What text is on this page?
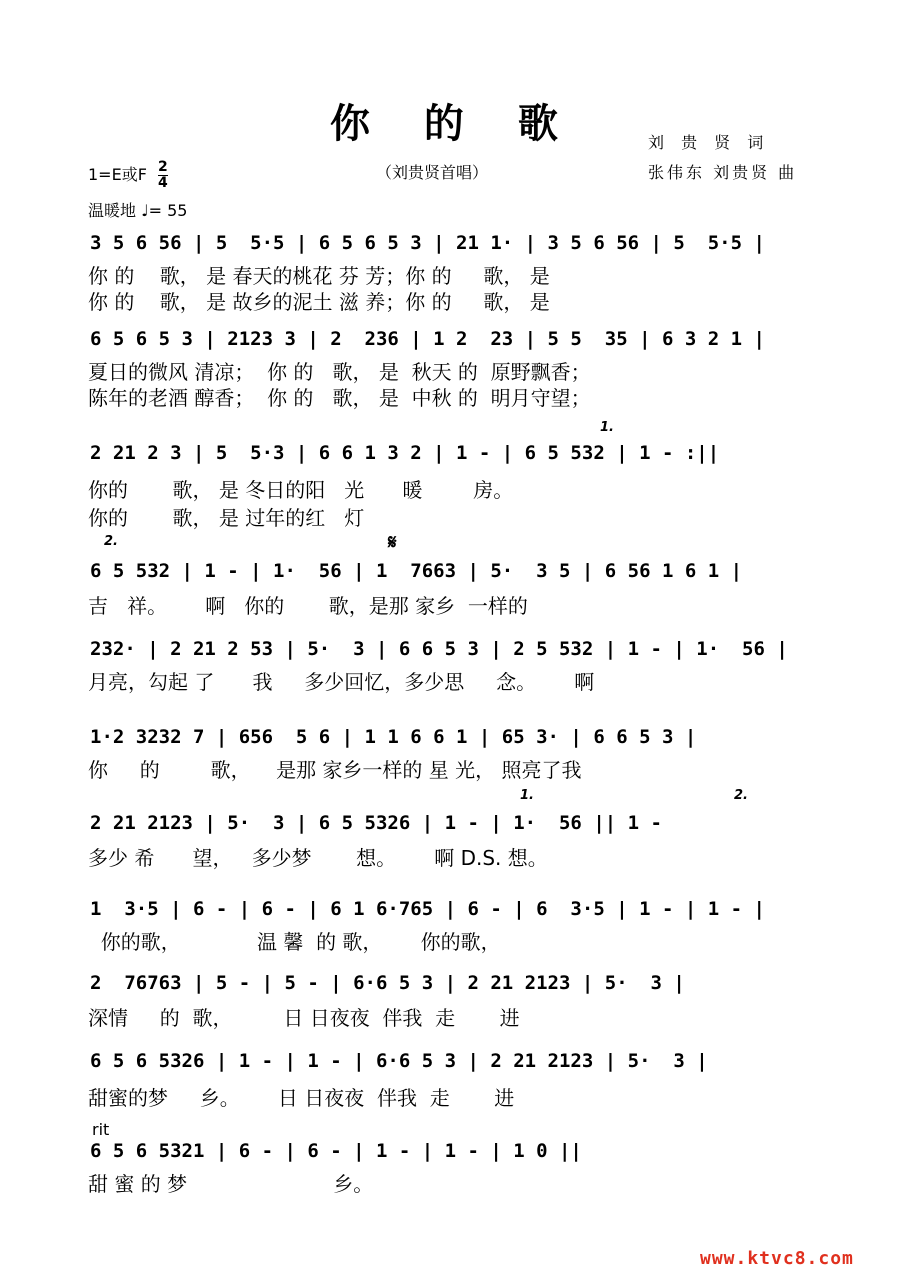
你 的 歌	刘 贵 贤 词
1=E或F $\frac{2}{4}$	（刘贵贤首唱）	张伟东 刘贵贤 曲
温暖地 ♩= 55
3 5 6 56 | 5  5·5 | 6 5 6 5 3 | 21 1· | 3 5 6 56 | 5  5·5 |
你 的    歌， 是 春天的桃花 芬 芳；你 的     歌， 是
你 的    歌， 是 故乡的泥土 滋 养；你 的     歌， 是
6 5 6 5 3 | 2123 3 | 2  236 | 1 2  23 | 5 5  35 | 6 3 2 1 |
夏日的微风 清凉；  你 的   歌， 是  秋天 的  原野飘香；
陈年的老酒 醇香；  你 的   歌， 是  中秋 的  明月守望；
1.
2 21 2 3 | 5  5·3 | 6 6 1 3 2 | 1 - | 6 5 532 | 1 - :||
你的       歌， 是 冬日的阳   光      暖        房。
你的       歌， 是 过年的红   灯
2.	𝄋
6 5 532 | 1 - | 1·  56 | 1  7663 | 5·  3 5 | 6 56 1 6 1 |
吉   祥。      啊   你的       歌，是那 家乡  一样的
232· | 2 21 2 53 | 5·  3 | 6 6 5 3 | 2 5 532 | 1 - | 1·  56 |
月亮，勾起 了      我     多少回忆，多少思     念。      啊
1·2 3232 7 | 656  5 6 | 1 1 6 6 1 | 65 3· | 6 6 5 3 |
你     的        歌，    是那 家乡一样的 星 光， 照亮了我
1.	2.
2 21 2123 | 5·  3 | 6 5 5326 | 1 - | 1·  56 || 1 -
多少 希      望，   多少梦       想。      啊 D.S. 想。
1  3·5 | 6 - | 6 - | 6 1 6·765 | 6 - | 6  3·5 | 1 - | 1 - |
你的歌，            温 馨  的 歌，      你的歌，
2  76763 | 5 - | 5 - | 6·6 5 3 | 2 21 2123 | 5·  3 |
深情     的  歌，        日 日夜夜  伴我  走       进
6 5 6 5326 | 1 - | 1 - | 6·6 5 3 | 2 21 2123 | 5·  3 |
甜蜜的梦     乡。      日 日夜夜  伴我  走       进
rit
6 5 6 5321 | 6 - | 6 - | 1 - | 1 - | 1 0 ||
甜 蜜 的 梦                       乡。
www.ktvc8.com
